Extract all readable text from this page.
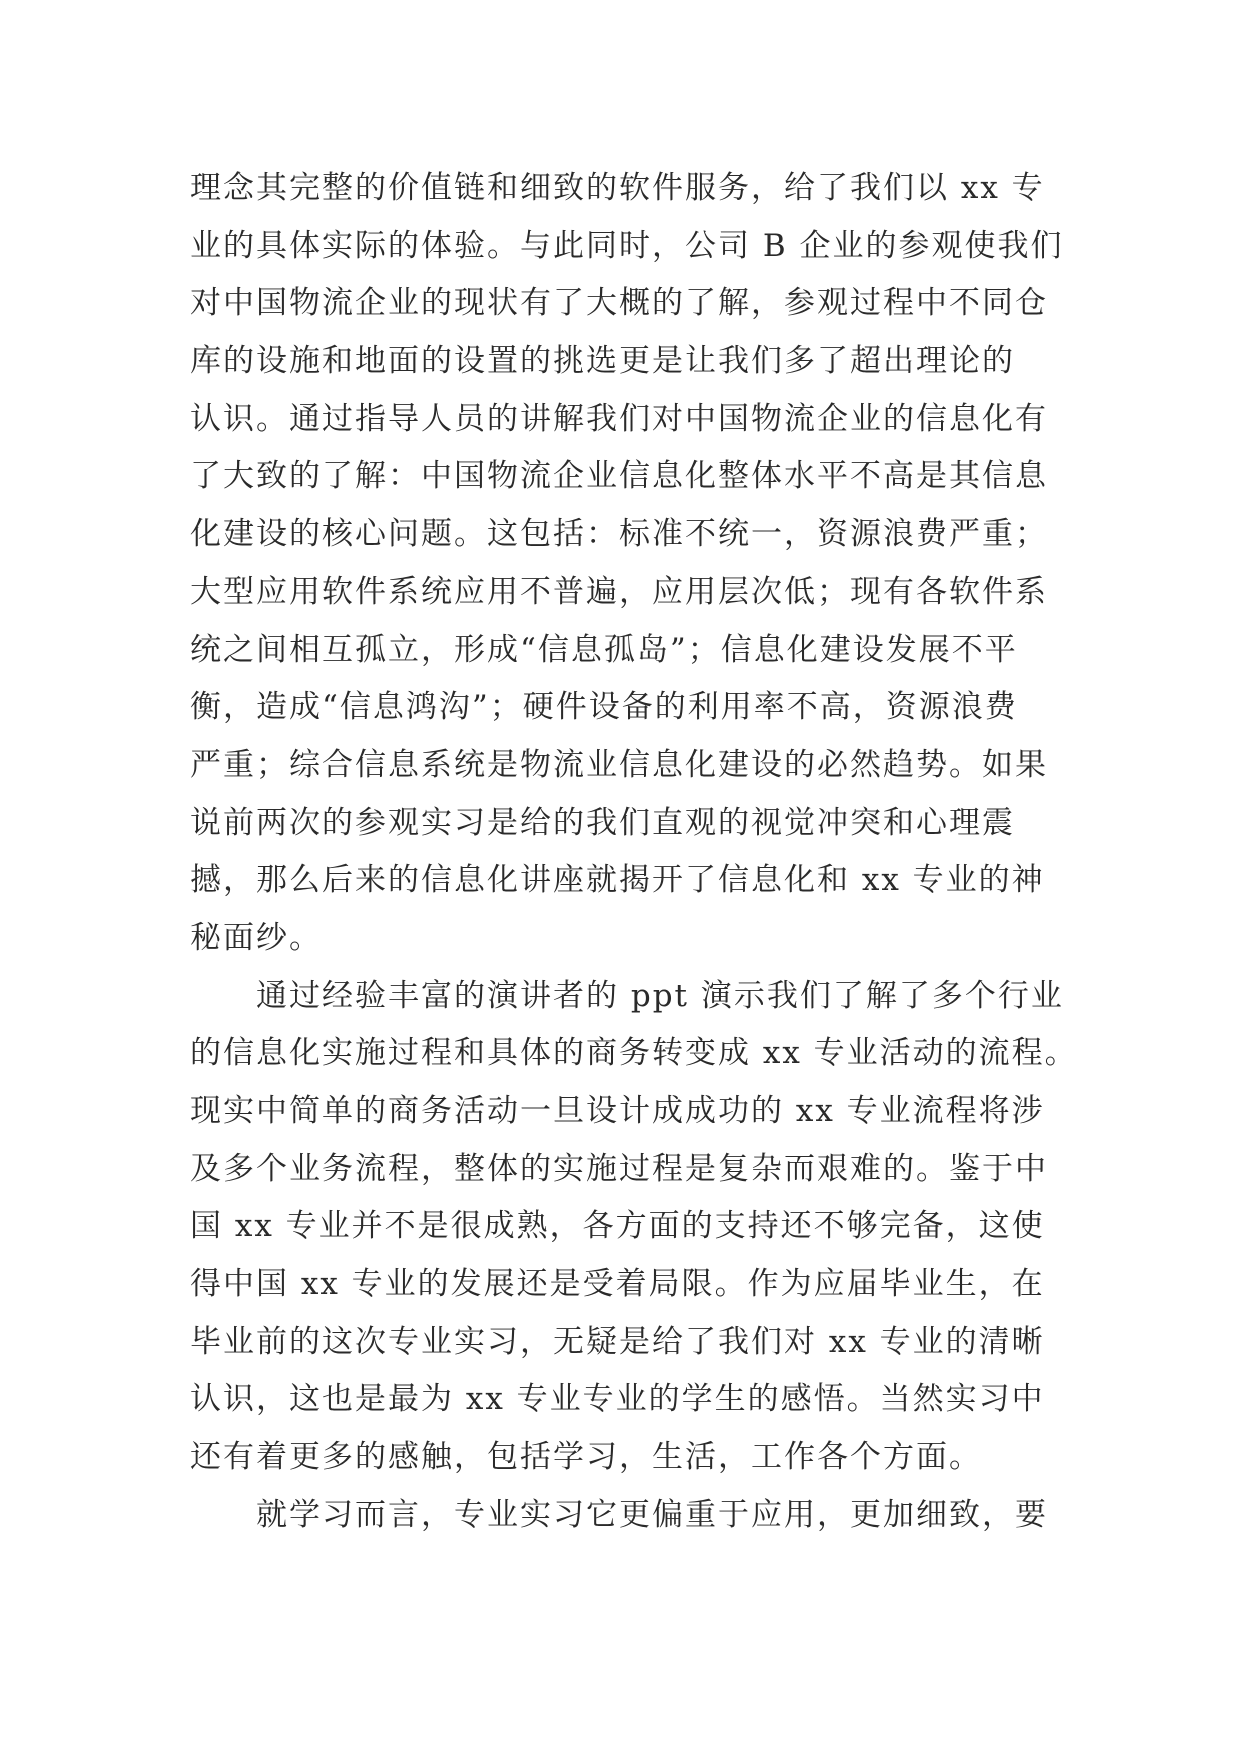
理念其完整的价值链和细致的软件服务，给了我们以 xx 专
业的具体实际的体验。与此同时，公司 B 企业的参观使我们
对中国物流企业的现状有了大概的了解，参观过程中不同仓
库的设施和地面的设置的挑选更是让我们多了超出理论的
认识。通过指导人员的讲解我们对中国物流企业的信息化有
了大致的了解：中国物流企业信息化整体水平不高是其信息
化建设的核心问题。这包括：标准不统一，资源浪费严重；
大型应用软件系统应用不普遍，应用层次低；现有各软件系
统之间相互孤立，形成“信息孤岛”；信息化建设发展不平
衡，造成“信息鸿沟”；硬件设备的利用率不高，资源浪费
严重；综合信息系统是物流业信息化建设的必然趋势。如果
说前两次的参观实习是给的我们直观的视觉冲突和心理震
撼，那么后来的信息化讲座就揭开了信息化和 xx 专业的神
秘面纱。
通过经验丰富的演讲者的 ppt 演示我们了解了多个行业
的信息化实施过程和具体的商务转变成 xx 专业活动的流程。
现实中简单的商务活动一旦设计成成功的 xx 专业流程将涉
及多个业务流程，整体的实施过程是复杂而艰难的。鉴于中
国 xx 专业并不是很成熟，各方面的支持还不够完备，这使
得中国 xx 专业的发展还是受着局限。作为应届毕业生，在
毕业前的这次专业实习，无疑是给了我们对 xx 专业的清晰
认识，这也是最为 xx 专业专业的学生的感悟。当然实习中
还有着更多的感触，包括学习，生活，工作各个方面。
就学习而言，专业实习它更偏重于应用，更加细致，要
